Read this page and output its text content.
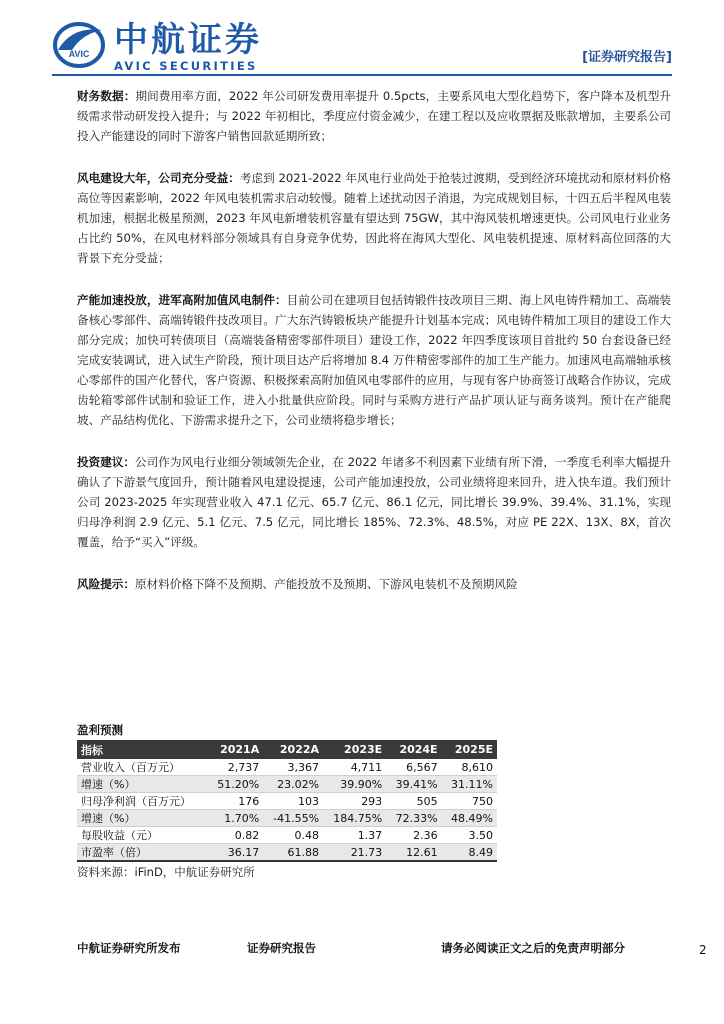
AVIC 中航证券
AVIC SECURITIES
[证券研究报告]

财务数据：期间费用率方面，2022 年公司研发费用率提升 0.5pcts，主要系风电大型化趋势下，客户降本及机型升级需求带动研发投入提升；与 2022 年初相比，季度应付资金减少，在建工程以及应收票据及账款增加，主要系公司投入产能建设的同时下游客户销售回款延期所致；

风电建设大年，公司充分受益：考虑到 2021-2022 年风电行业尚处于抢装过渡期，受到经济环境扰动和原材料价格高位等因素影响，2022 年风电装机需求启动较慢。随着上述扰动因子消退，为完成规划目标，十四五后半程风电装机加速，根据北极星预测，2023 年风电新增装机容量有望达到 75GW，其中海风装机增速更快。公司风电行业业务占比约 50%，在风电材料部分领域具有自身竞争优势，因此将在海风大型化、风电装机提速、原材料高位回落的大背景下充分受益；

产能加速投放，进军高附加值风电制件：目前公司在建项目包括铸锻件技改项目三期、海上风电铸件精加工、高端装备核心零部件、高端铸锻件技改项目。广大东汽铸锻板块产能提升计划基本完成；风电铸件精加工项目的建设工作大部分完成；加快可转债项目（高端装备精密零部件项目）建设工作，2022 年四季度该项目首批约 50 台套设备已经完成安装调试，进入试生产阶段，预计项目达产后将增加 8.4 万件精密零部件的加工生产能力。加速风电高端轴承核心零部件的国产化替代，客户资源、积极探索高附加值风电零部件的应用，与现有客户协商签订战略合作协议，完成齿轮箱零部件试制和验证工作，进入小批量供应阶段。同时与采购方进行产品扩项认证与商务谈判。预计在产能爬坡、产品结构优化、下游需求提升之下，公司业绩将稳步增长；

投资建议：公司作为风电行业细分领域领先企业，在 2022 年诸多不利因素下业绩有所下滑，一季度毛利率大幅提升确认了下游景气度回升，预计随着风电建设提速，公司产能加速投放，公司业绩将迎来回升，进入快车道。我们预计公司 2023-2025 年实现营业收入 47.1 亿元、65.7 亿元、86.1 亿元，同比增长 39.9%、39.4%、31.1%，实现归母净利润 2.9 亿元、5.1 亿元、7.5 亿元，同比增长 185%、72.3%、48.5%，对应 PE 22X、13X、8X，首次覆盖，给予“买入”评级。

风险提示：原材料价格下降不及预期、产能投放不及预期、下游风电装机不及预期风险

盈利预测
指标	2021A	2022A	2023E	2024E	2025E
营业收入（百万元）	2,737	3,367	4,711	6,567	8,610
增速（%）	51.20%	23.02%	39.90%	39.41%	31.11%
归母净利润（百万元）	176	103	293	505	750
增速（%）	1.70%	-41.55%	184.75%	72.33%	48.49%
每股收益（元）	0.82	0.48	1.37	2.36	3.50
市盈率（倍）	36.17	61.88	21.73	12.61	8.49
资料来源：iFinD，中航证券研究所
中航证券研究所发布	证券研究报告	请务必阅读正文之后的免责声明部分	2
